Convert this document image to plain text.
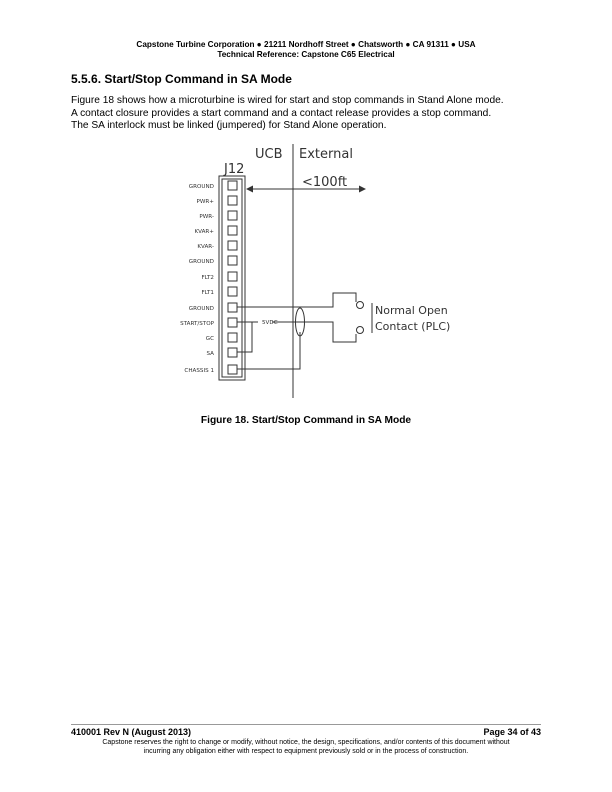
Capstone Turbine Corporation ● 21211 Nordhoff Street ● Chatsworth ● CA 91311 ● USA
Technical Reference: Capstone C65 Electrical
5.5.6. Start/Stop Command in SA Mode
Figure 18 shows how a microturbine is wired for start and stop commands in Stand Alone mode.
A contact closure provides a start command and a contact release provides a stop command.
The SA interlock must be linked (jumpered) for Stand Alone operation.
UCB External
J12
<100ft
GROUND
PWR+
PWR-
KVAR+
KVAR-
GROUND
FLT2
FLT1
GROUND
START/STOP
GC
SA
CHASSIS 1
5VDC
Normal Open
Contact (PLC)
Figure 18. Start/Stop Command in SA Mode
410001 Rev N (August 2013)	Page 34 of 43
Capstone reserves the right to change or modify, without notice, the design, specifications, and/or contents of this document without
incurring any obligation either with respect to equipment previously sold or in the process of construction.
